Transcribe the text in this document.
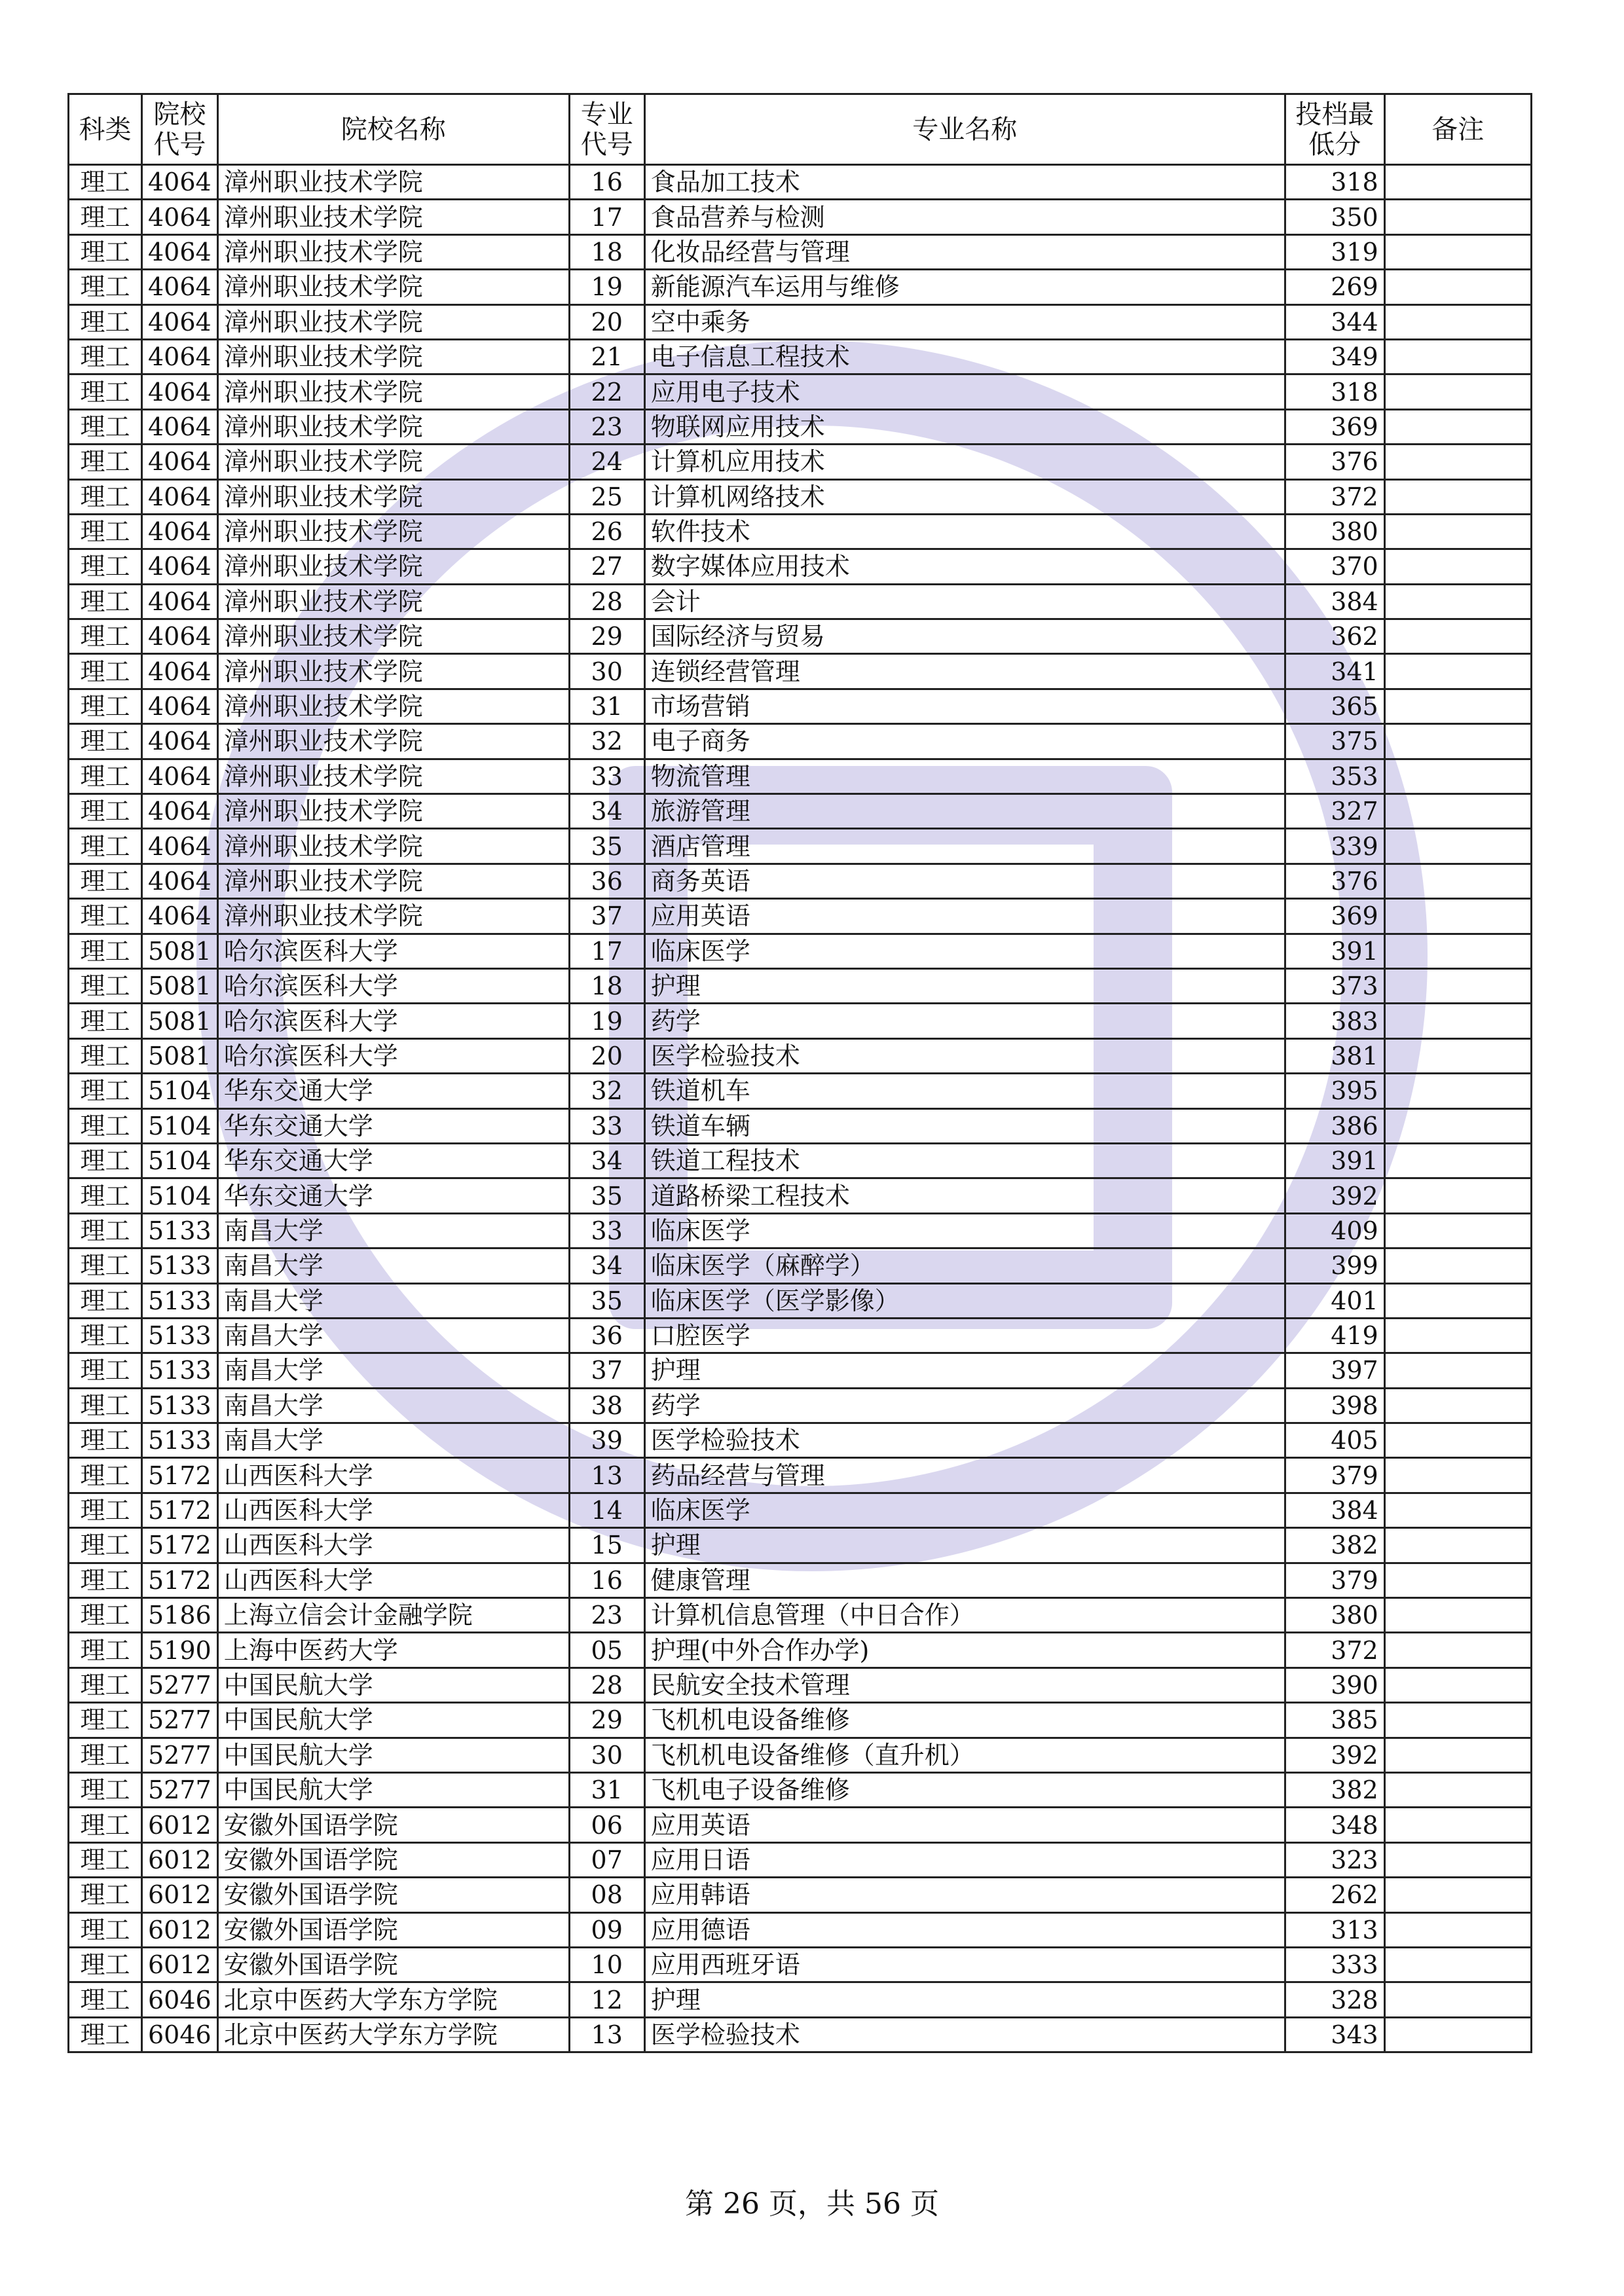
科类	院校代号	院校名称	专业代号	专业名称	投档最低分	备注
理工	4064	漳州职业技术学院	16	食品加工技术	318	
理工	4064	漳州职业技术学院	17	食品营养与检测	350	
理工	4064	漳州职业技术学院	18	化妆品经营与管理	319	
理工	4064	漳州职业技术学院	19	新能源汽车运用与维修	269	
理工	4064	漳州职业技术学院	20	空中乘务	344	
理工	4064	漳州职业技术学院	21	电子信息工程技术	349	
理工	4064	漳州职业技术学院	22	应用电子技术	318	
理工	4064	漳州职业技术学院	23	物联网应用技术	369	
理工	4064	漳州职业技术学院	24	计算机应用技术	376	
理工	4064	漳州职业技术学院	25	计算机网络技术	372	
理工	4064	漳州职业技术学院	26	软件技术	380	
理工	4064	漳州职业技术学院	27	数字媒体应用技术	370	
理工	4064	漳州职业技术学院	28	会计	384	
理工	4064	漳州职业技术学院	29	国际经济与贸易	362	
理工	4064	漳州职业技术学院	30	连锁经营管理	341	
理工	4064	漳州职业技术学院	31	市场营销	365	
理工	4064	漳州职业技术学院	32	电子商务	375	
理工	4064	漳州职业技术学院	33	物流管理	353	
理工	4064	漳州职业技术学院	34	旅游管理	327	
理工	4064	漳州职业技术学院	35	酒店管理	339	
理工	4064	漳州职业技术学院	36	商务英语	376	
理工	4064	漳州职业技术学院	37	应用英语	369	
理工	5081	哈尔滨医科大学	17	临床医学	391	
理工	5081	哈尔滨医科大学	18	护理	373	
理工	5081	哈尔滨医科大学	19	药学	383	
理工	5081	哈尔滨医科大学	20	医学检验技术	381	
理工	5104	华东交通大学	32	铁道机车	395	
理工	5104	华东交通大学	33	铁道车辆	386	
理工	5104	华东交通大学	34	铁道工程技术	391	
理工	5104	华东交通大学	35	道路桥梁工程技术	392	
理工	5133	南昌大学	33	临床医学	409	
理工	5133	南昌大学	34	临床医学（麻醉学）	399	
理工	5133	南昌大学	35	临床医学（医学影像）	401	
理工	5133	南昌大学	36	口腔医学	419	
理工	5133	南昌大学	37	护理	397	
理工	5133	南昌大学	38	药学	398	
理工	5133	南昌大学	39	医学检验技术	405	
理工	5172	山西医科大学	13	药品经营与管理	379	
理工	5172	山西医科大学	14	临床医学	384	
理工	5172	山西医科大学	15	护理	382	
理工	5172	山西医科大学	16	健康管理	379	
理工	5186	上海立信会计金融学院	23	计算机信息管理（中日合作）	380	
理工	5190	上海中医药大学	05	护理(中外合作办学)	372	
理工	5277	中国民航大学	28	民航安全技术管理	390	
理工	5277	中国民航大学	29	飞机机电设备维修	385	
理工	5277	中国民航大学	30	飞机机电设备维修（直升机）	392	
理工	5277	中国民航大学	31	飞机电子设备维修	382	
理工	6012	安徽外国语学院	06	应用英语	348	
理工	6012	安徽外国语学院	07	应用日语	323	
理工	6012	安徽外国语学院	08	应用韩语	262	
理工	6012	安徽外国语学院	09	应用德语	313	
理工	6012	安徽外国语学院	10	应用西班牙语	333	
理工	6046	北京中医药大学东方学院	12	护理	328	
理工	6046	北京中医药大学东方学院	13	医学检验技术	343	
第 26 页，共 56 页
